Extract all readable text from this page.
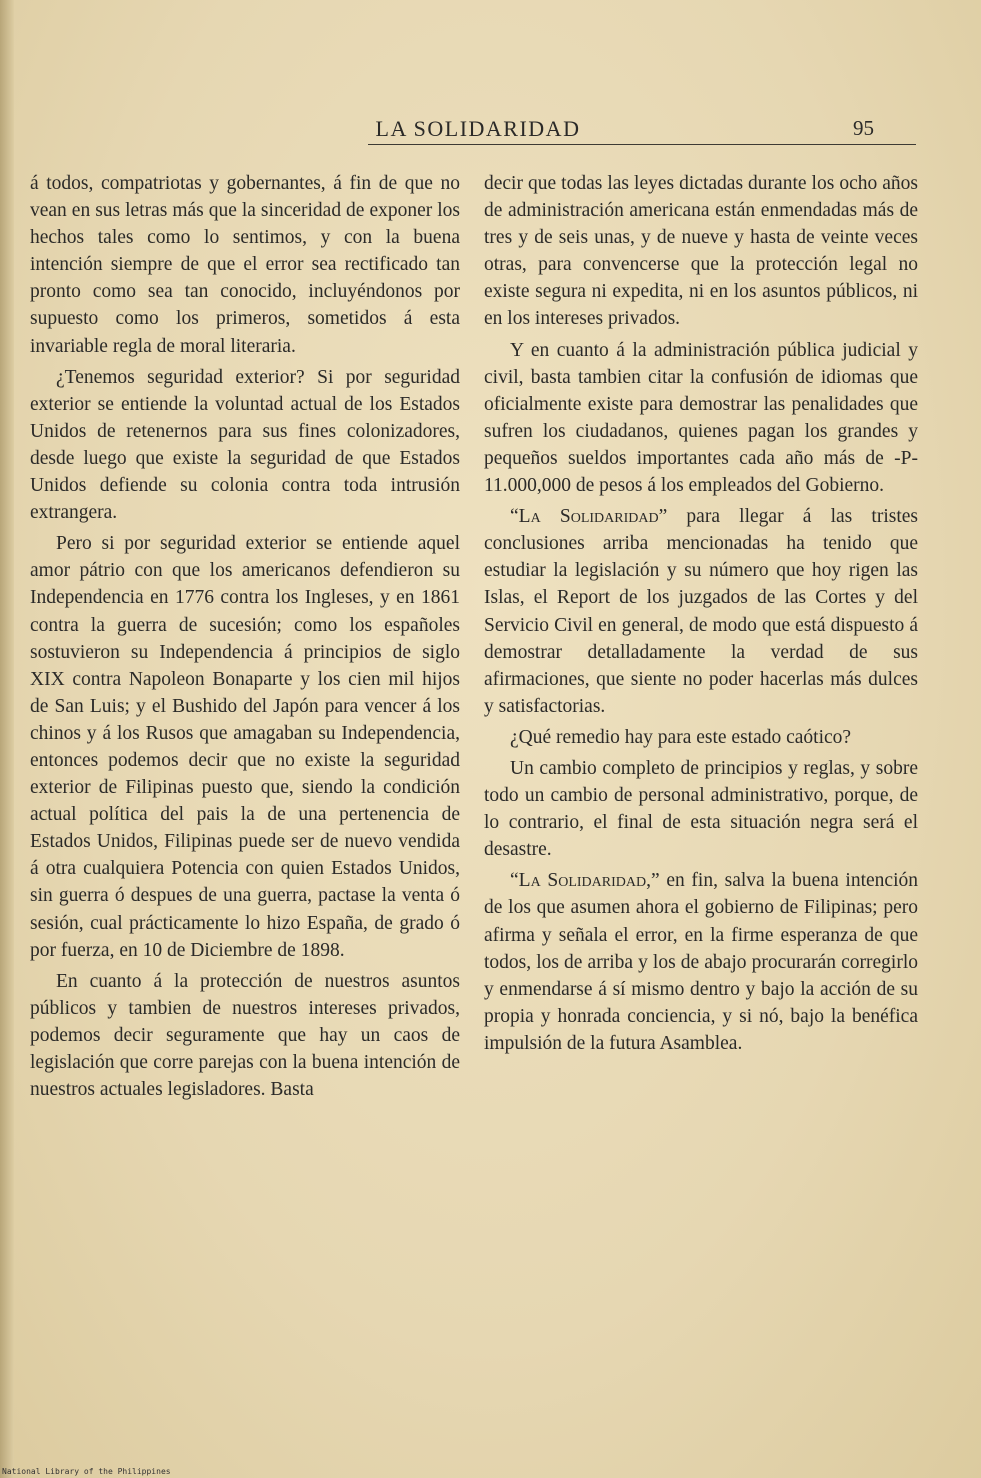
LA SOLIDARIDAD	95

á todos, compatriotas y gobernantes, á fin de que no vean en sus letras más que la sinceridad de exponer los hechos tales como lo sentimos, y con la buena intención siempre de que el error sea rectificado tan pronto como sea tan conocido, incluyéndonos por supuesto como los primeros, sometidos á esta invariable regla de moral literaria.

¿Tenemos seguridad exterior? Si por seguridad exterior se entiende la voluntad actual de los Estados Unidos de retenernos para sus fines colonizadores, desde luego que existe la seguridad de que Estados Unidos defiende su colonia contra toda intrusión extrangera.

Pero si por seguridad exterior se entiende aquel amor pátrio con que los americanos defendieron su Independencia en 1776 contra los Ingleses, y en 1861 contra la guerra de sucesión; como los españoles sostuvieron su Independencia á principios de siglo XIX contra Napoleon Bonaparte y los cien mil hijos de San Luis; y el Bushido del Japón para vencer á los chinos y á los Rusos que amagaban su Independencia, entonces podemos decir que no existe la seguridad exterior de Filipinas puesto que, siendo la condición actual política del pais la de una pertenencia de Estados Unidos, Filipinas puede ser de nuevo vendida á otra cualquiera Potencia con quien Estados Unidos, sin guerra ó despues de una guerra, pactase la venta ó sesión, cual prácticamente lo hizo España, de grado ó por fuerza, en 10 de Diciembre de 1898.

En cuanto á la protección de nuestros asuntos públicos y tambien de nuestros intereses privados, podemos decir seguramente que hay un caos de legislación que corre parejas con la buena intención de nuestros actuales legisladores. Basta

decir que todas las leyes dictadas durante los ocho años de administración americana están enmendadas más de tres y de seis unas, y de nueve y hasta de veinte veces otras, para convencerse que la protección legal no existe segura ni expedita, ni en los asuntos públicos, ni en los intereses privados.

Y en cuanto á la administración pública judicial y civil, basta tambien citar la confusión de idiomas que oficialmente existe para demostrar las penalidades que sufren los ciudadanos, quienes pagan los grandes y pequeños sueldos importantes cada año más de -P- 11.000,000 de pesos á los empleados del Gobierno.

“La Solidaridad” para llegar á las tristes conclusiones arriba mencionadas ha tenido que estudiar la legislación y su número que hoy rigen las Islas, el Report de los juzgados de las Cortes y del Servicio Civil en general, de modo que está dispuesto á demostrar detalladamente la verdad de sus afirmaciones, que siente no poder hacerlas más dulces y satisfactorias.

¿Qué remedio hay para este estado caótico?

Un cambio completo de principios y reglas, y sobre todo un cambio de personal administrativo, porque, de lo contrario, el final de esta situación negra será el desastre.

“La Solidaridad,” en fin, salva la buena intención de los que asumen ahora el gobierno de Filipinas; pero afirma y señala el error, en la firme esperanza de que todos, los de arriba y los de abajo procurarán corregirlo y enmendarse á sí mismo dentro y bajo la acción de su propia y honrada conciencia, y si nó, bajo la benéfica impulsión de la futura Asamblea.

National Library of the Philippines
